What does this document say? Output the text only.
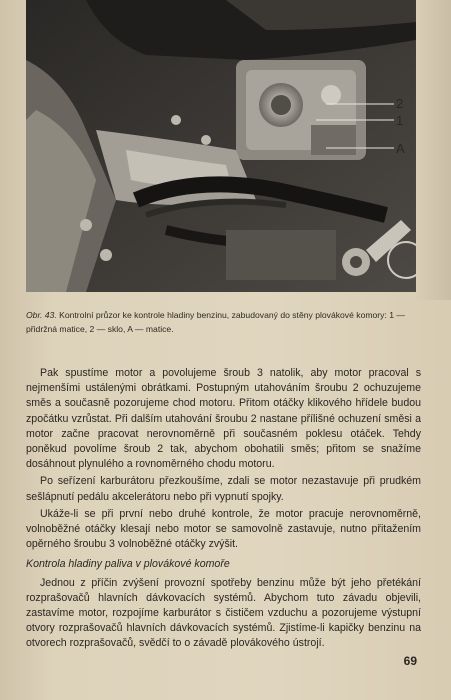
2
1
A
Obr. 43. Kontrolní průzor ke kontrole hladiny benzinu, zabudovaný do stěny plovákové komory: 1 — přidržná matice, 2 — sklo, A — matice.

Pak spustíme motor a povolujeme šroub 3 natolik, aby motor pracoval s nejmenšími ustálenými obrátkami. Postupným utahováním šroubu 2 ochuzujeme směs a současně pozorujeme chod motoru. Přitom otáčky klikového hřídele budou zpočátku vzrůstat. Při dalším utahování šroubu 2 nastane přílišné ochuzení směsi a motor začne pracovat nerovnoměrně při současném poklesu otáček. Tehdy poněkud povolíme šroub 2 tak, abychom obohatili směs; přitom se snažíme dosáhnout plynulého a rovnoměrného chodu motoru.

Po seřízení karburátoru přezkoušíme, zdali se motor nezastavuje při prudkém sešlápnutí pedálu akcelerátoru nebo při vypnutí spojky.

Ukáže-li se při první nebo druhé kontrole, že motor pracuje nerovnoměrně, volnoběžné otáčky klesají nebo motor se samovolně zastavuje, nutno přitažením opěrného šroubu 3 volnoběžné otáčky zvýšit.

Kontrola hladiny paliva v plovákové komoře

Jednou z příčin zvýšení provozní spotřeby benzinu může být jeho přetékání rozprašovačů hlavních dávkovacích systémů. Abychom tuto závadu objevili, zastavíme motor, rozpojíme karburátor s čističem vzduchu a pozorujeme výstupní otvory rozprašovačů hlavních dávkovacích systémů. Zjistíme-li kapičky benzinu na otvorech rozprašovačů, svědčí to o závadě plovákového ústrojí.

69
